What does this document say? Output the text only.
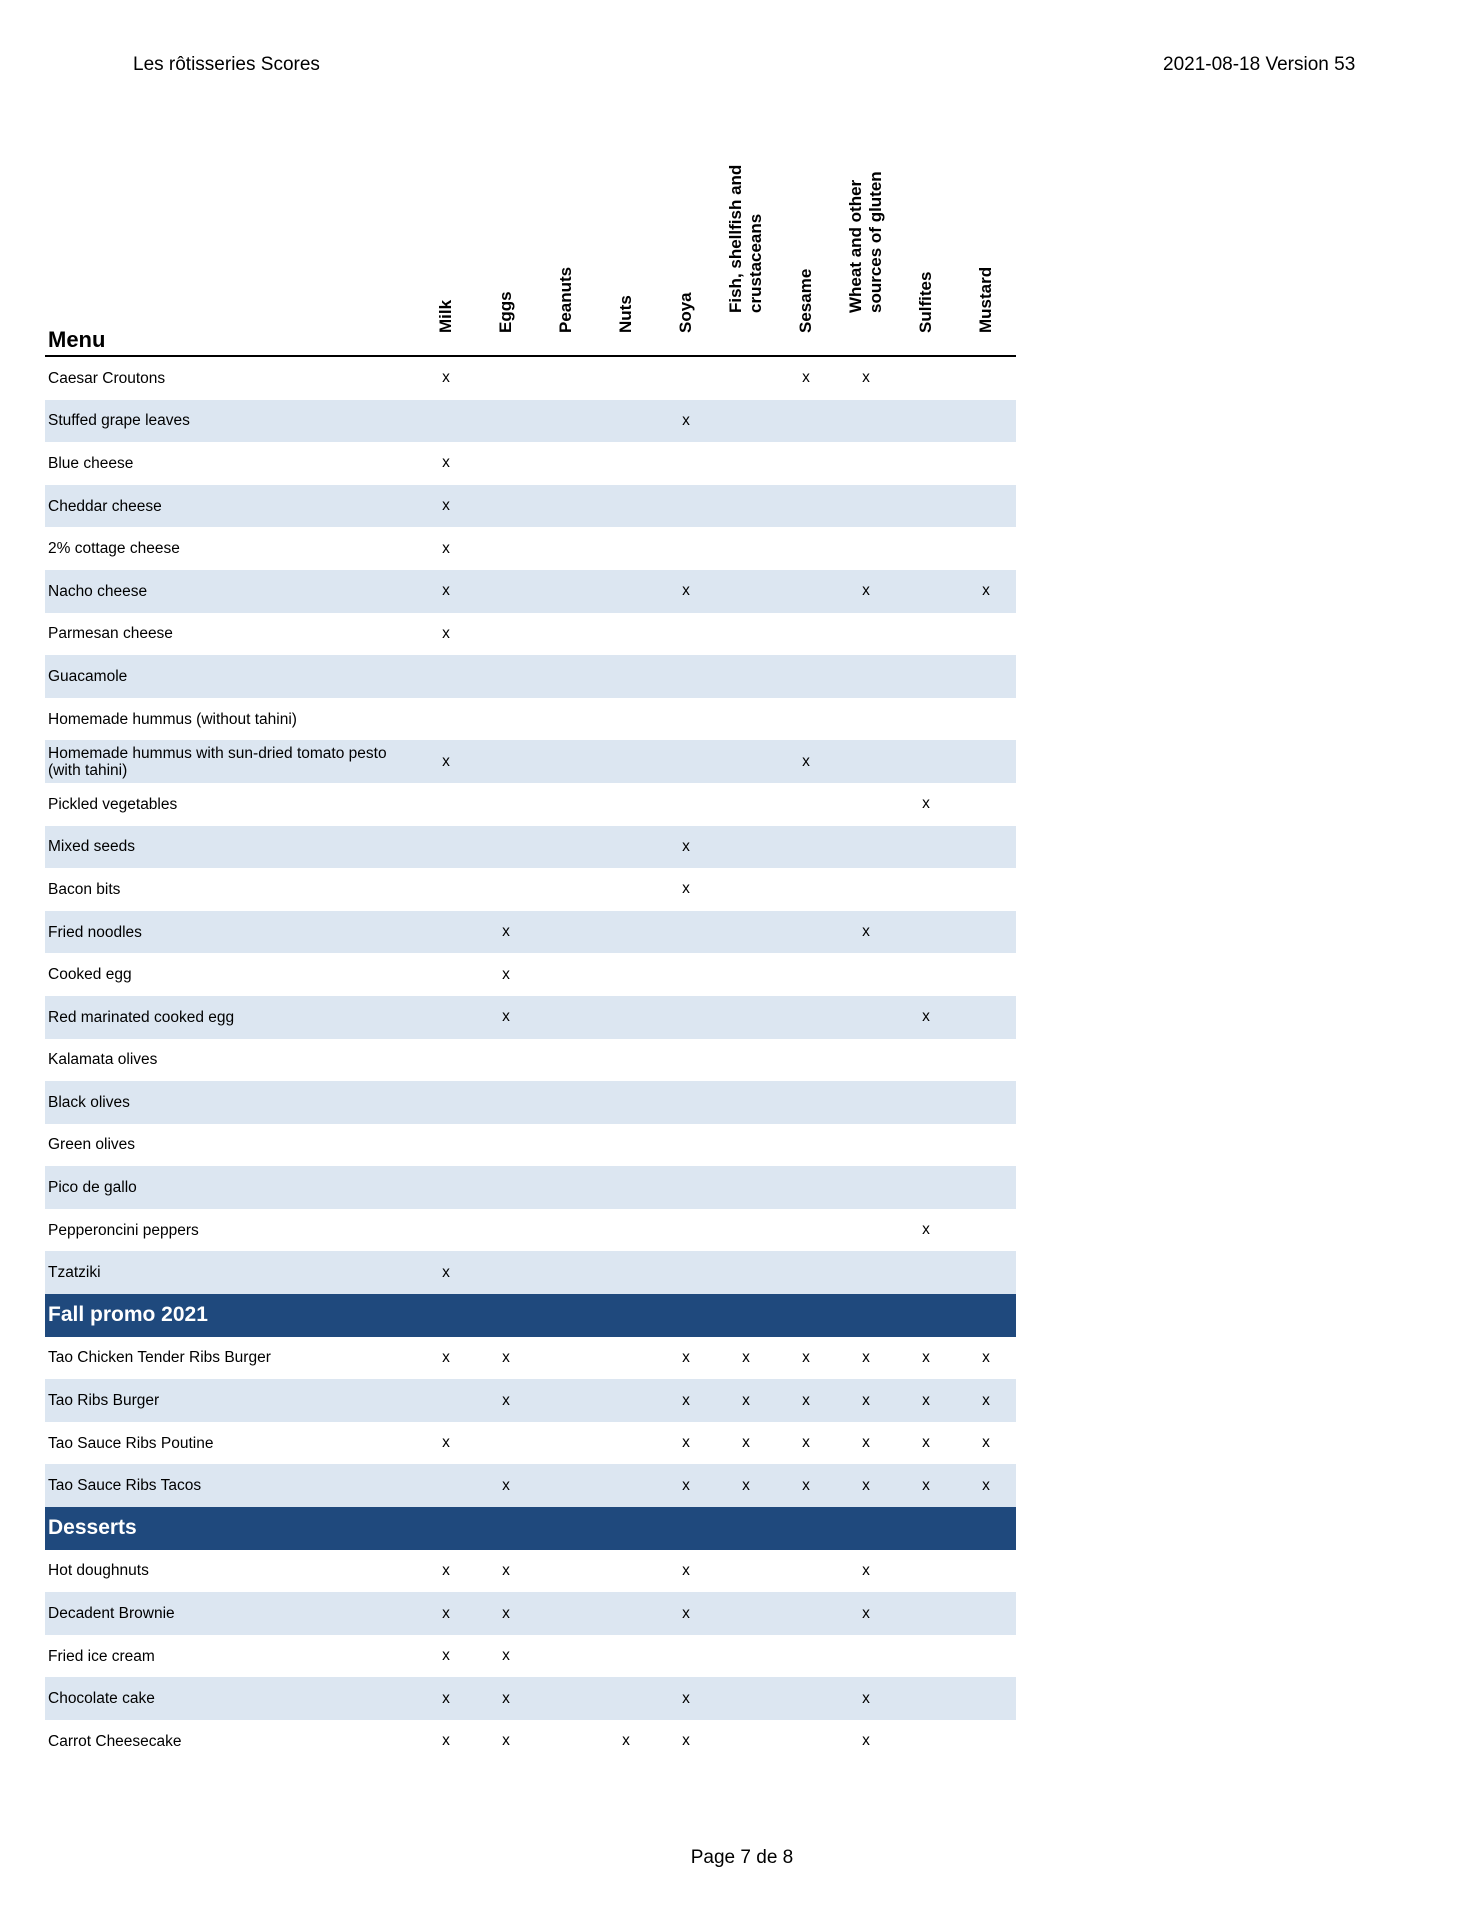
Les rôtisseries Scores	2021-08-18 Version 53
Menu	Milk	Eggs	Peanuts	Nuts	Soya	Fish, shellfish and
crustaceans	Sesame	Wheat and other
sources of gluten	Sulfites	Mustard

Caesar Croutons	x						x	x		
Stuffed grape leaves					x					
Blue cheese	x									
Cheddar cheese	x									
2% cottage cheese	x									
Nacho cheese	x				x			x		x
Parmesan cheese	x									
Guacamole										
Homemade hummus (without tahini)										
Homemade hummus with sun-dried tomato pesto (with tahini)	x						x			
Pickled vegetables									x	
Mixed seeds					x					
Bacon bits					x					
Fried noodles		x						x		
Cooked egg		x								
Red marinated cooked egg		x							x	
Kalamata olives										
Black olives										
Green olives										
Pico de gallo										
Pepperoncini peppers									x	
Tzatziki	x									
Fall promo 2021										
Tao Chicken Tender Ribs Burger	x	x			x	x	x	x	x	x
Tao Ribs Burger		x			x	x	x	x	x	x
Tao Sauce Ribs Poutine	x				x	x	x	x	x	x
Tao Sauce Ribs Tacos		x			x	x	x	x	x	x
Desserts										
Hot doughnuts	x	x			x			x		
Decadent Brownie	x	x			x			x		
Fried ice cream	x	x								
Chocolate cake	x	x			x			x		
Carrot Cheesecake	x	x		x	x			x		
Page 7 de 8
